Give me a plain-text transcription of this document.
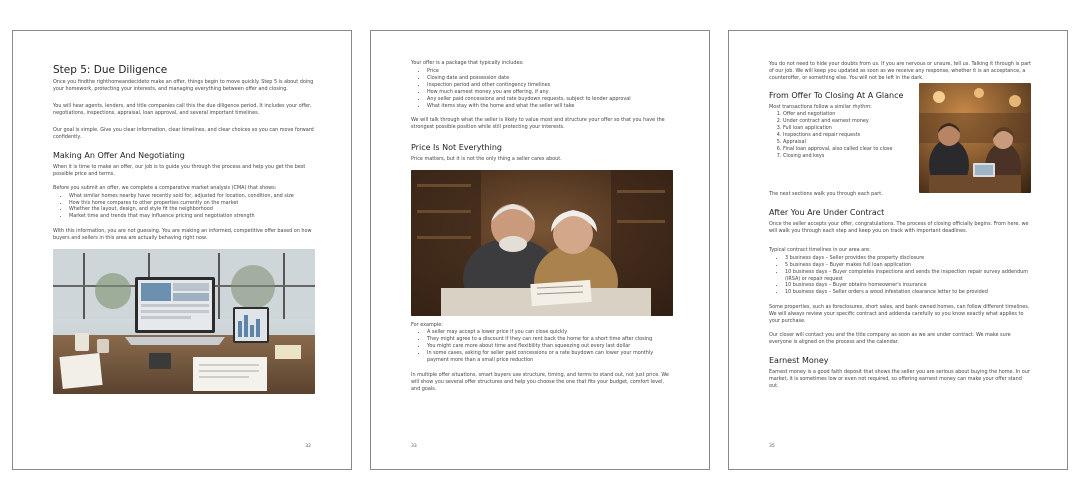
Step 5: Due Diligence

Once you findthe righthomeandecideto make an offer, things begin to move quickly. Step 5 is about doing your homework, protecting your interests, and managing everything between offer and closing.

You will hear agents, lenders, and title companies call this the due diligence period. It includes your offer, negotiations, inspections, appraisal, loan approval, and several important timelines.

Our goal is simple. Give you clear information, clear timelines, and clear choices so you can move forward confidently.

Making An Offer And Negotiating

When it is time to make an offer, our job is to guide you through the process and help you get the best possible price and terms.

Before you submit an offer, we complete a comparative market analysis (CMA) that shows:

• What similar homes nearby have recently sold for, adjusted for location, condition, and size
• How this home compares to other properties currently on the market
• Whether the layout, design, and style fit the neighborhood
• Market time and trends that may influence pricing and negotiation strength

With this information, you are not guessing. You are making an informed, competitive offer based on how buyers and sellers in this area are actually behaving right now.

32

Your offer is a package that typically includes:

• Price
• Closing date and possession date
• Inspection period and other contingency timelines
• How much earnest money you are offering, if any
• Any seller paid concessions and rate buydown requests, subject to lender approval
• What items stay with the home and what the seller will take

We will talk through what the seller is likely to value most and structure your offer so that you have the strongest possible position while still protecting your interests.

Price Is Not Everything

Price matters, but it is not the only thing a seller cares about.

For example:

• A seller may accept a lower price if you can close quickly
• They might agree to a discount if they can rent back the home for a short time after closing
• You might care more about time and flexibility than squeezing out every last dollar
• In some cases, asking for seller paid concessions or a rate buydown can lower your monthly payment more than a small price reduction

In multiple offer situations, smart buyers use structure, timing, and terms to stand out, not just price. We will show you several offer structures and help you choose the one that fits your budget, comfort level, and goals.

33

You do not need to hide your doubts from us. If you are nervous or unsure, tell us. Talking it through is part of our job. We will keep you updated as soon as we receive any response, whether it is an acceptance, a counteroffer, or something else. You will not be left in the dark.

From Offer To Closing At A Glance

Most transactions follow a similar rhythm:

1. Offer and negotiation
2. Under contract and earnest money
3. Full loan application
4. Inspections and repair requests
5. Appraisal
6. Final loan approval, also called clear to close
7. Closing and keys

The next sections walk you through each part.

After You Are Under Contract

Once the seller accepts your offer, congratulations. The process of closing officially begins. From here, we will walk you through each step and keep you on track with important deadlines.

Typical contract timelines in our area are:

• 3 business days – Seller provides the property disclosure
• 5 business days – Buyer makes full loan application
• 10 business days – Buyer completes inspections and sends the inspection repair survey addendum (IRSA) or repair request
• 10 business days – Buyer obtains homeowner's insurance
• 10 business days – Seller orders a wood infestation clearance letter to be provided

Some properties, such as foreclosures, short sales, and bank owned homes, can follow different timelines. We will always review your specific contract and addenda carefully so you know exactly what applies to your purchase.

Our closer will contact you and the title company as soon as we are under contract. We make sure everyone is aligned on the process and the calendar.

Earnest Money

Earnest money is a good faith deposit that shows the seller you are serious about buying the home. In our market, it is sometimes low or even not required, so offering earnest money can make your offer stand out.

35
